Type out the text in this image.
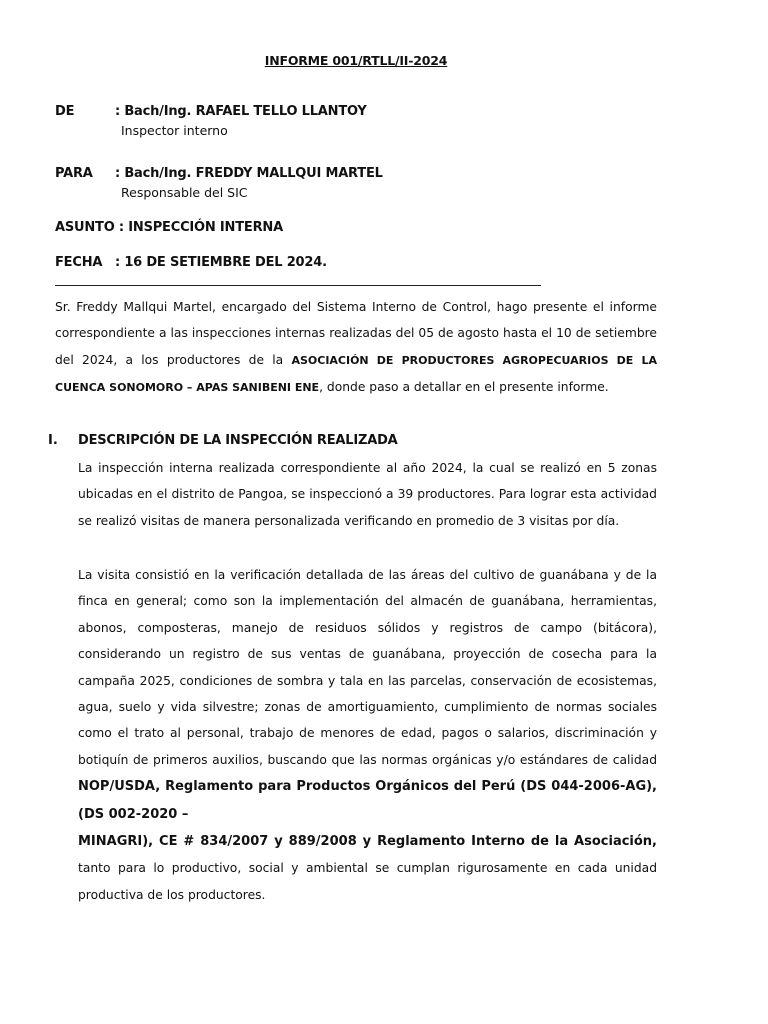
INFORME 001/RTLL/II-2024
DE	: Bach/Ing. RAFAEL TELLO LLANTOY
Inspector interno
PARA : Bach/Ing. FREDDY MALLQUI MARTEL
Responsable del SIC
ASUNTO : INSPECCIÓN INTERNA
FECHA : 16 DE SETIEMBRE DEL 2024.
Sr. Freddy Mallqui Martel, encargado del Sistema Interno de Control, hago presente el informe correspondiente a las inspecciones internas realizadas del 05 de agosto hasta el 10 de setiembre del 2024, a los productores de la ASOCIACIÓN DE PRODUCTORES AGROPECUARIOS DE LA CUENCA SONOMORO – APAS SANIBENI ENE, donde paso a detallar en el presente informe.
I. DESCRIPCIÓN DE LA INSPECCIÓN REALIZADA
La inspección interna realizada correspondiente al año 2024, la cual se realizó en 5 zonas ubicadas en el distrito de Pangoa, se inspeccionó a 39 productores. Para lograr esta actividad se realizó visitas de manera personalizada verificando en promedio de 3 visitas por día.
La visita consistió en la verificación detallada de las áreas del cultivo de guanábana y de la finca en general; como son la implementación del almacén de guanábana, herramientas, abonos, composteras, manejo de residuos sólidos y registros de campo (bitácora), considerando un registro de sus ventas de guanábana, proyección de cosecha para la campaña 2025, condiciones de sombra y tala en las parcelas, conservación de ecosistemas, agua, suelo y vida silvestre; zonas de amortiguamiento, cumplimiento de normas sociales como el trato al personal, trabajo de menores de edad, pagos o salarios, discriminación y botiquín de primeros auxilios, buscando que las normas orgánicas y/o estándares de calidad NOP/USDA, Reglamento para Productos Orgánicos del Perú (DS 044-2006-AG), (DS 002-2020 –
MINAGRI), CE # 834/2007 y 889/2008 y Reglamento Interno de la Asociación, tanto para lo productivo, social y ambiental se cumplan rigurosamente en cada unidad productiva de los productores.
